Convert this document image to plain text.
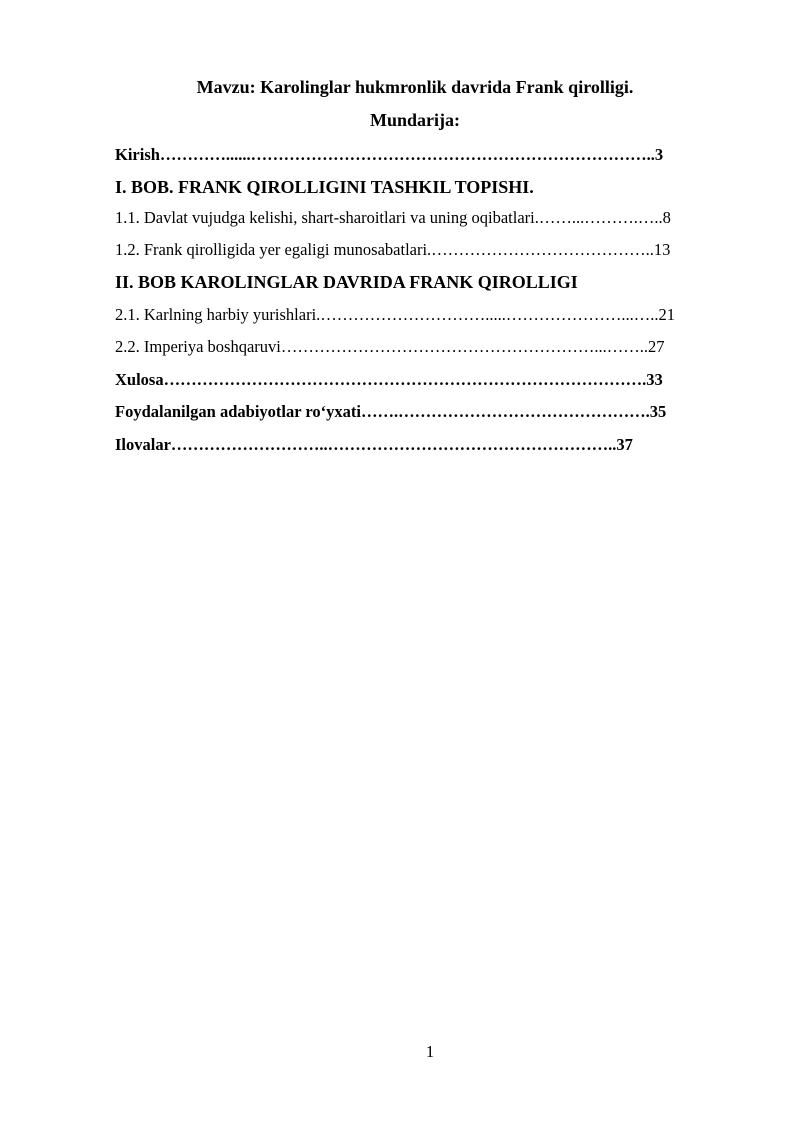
Mavzu: Karolinglar hukmronlik davrida Frank qirolligi.
Mundarija:
Kirish…………......………………………………………………………………..3
I. BOB. FRANK QIROLLIGINI TASHKIL TOPISHI.
1.1. Davlat vujudga kelishi, shart-sharoitlari va uning oqibatlari.……...……….…..8
1.2. Frank qirolligida yer egaligi munosabatlari.…………………………………..13
II. BOB KAROLINGLAR DAVRIDA FRANK QIROLLIGI
2.1. Karlning harbiy yurishlari.………………………….....…………………...…..21
2.2. Imperiya boshqaruvi…………………………………………………...……..27
Xulosa…………………………………………………………………………….33
Foydalanilgan adabiyotlar ro‘yxati…….……………………………………….35
Ilovalar………………………..……………………………………………..37
1
